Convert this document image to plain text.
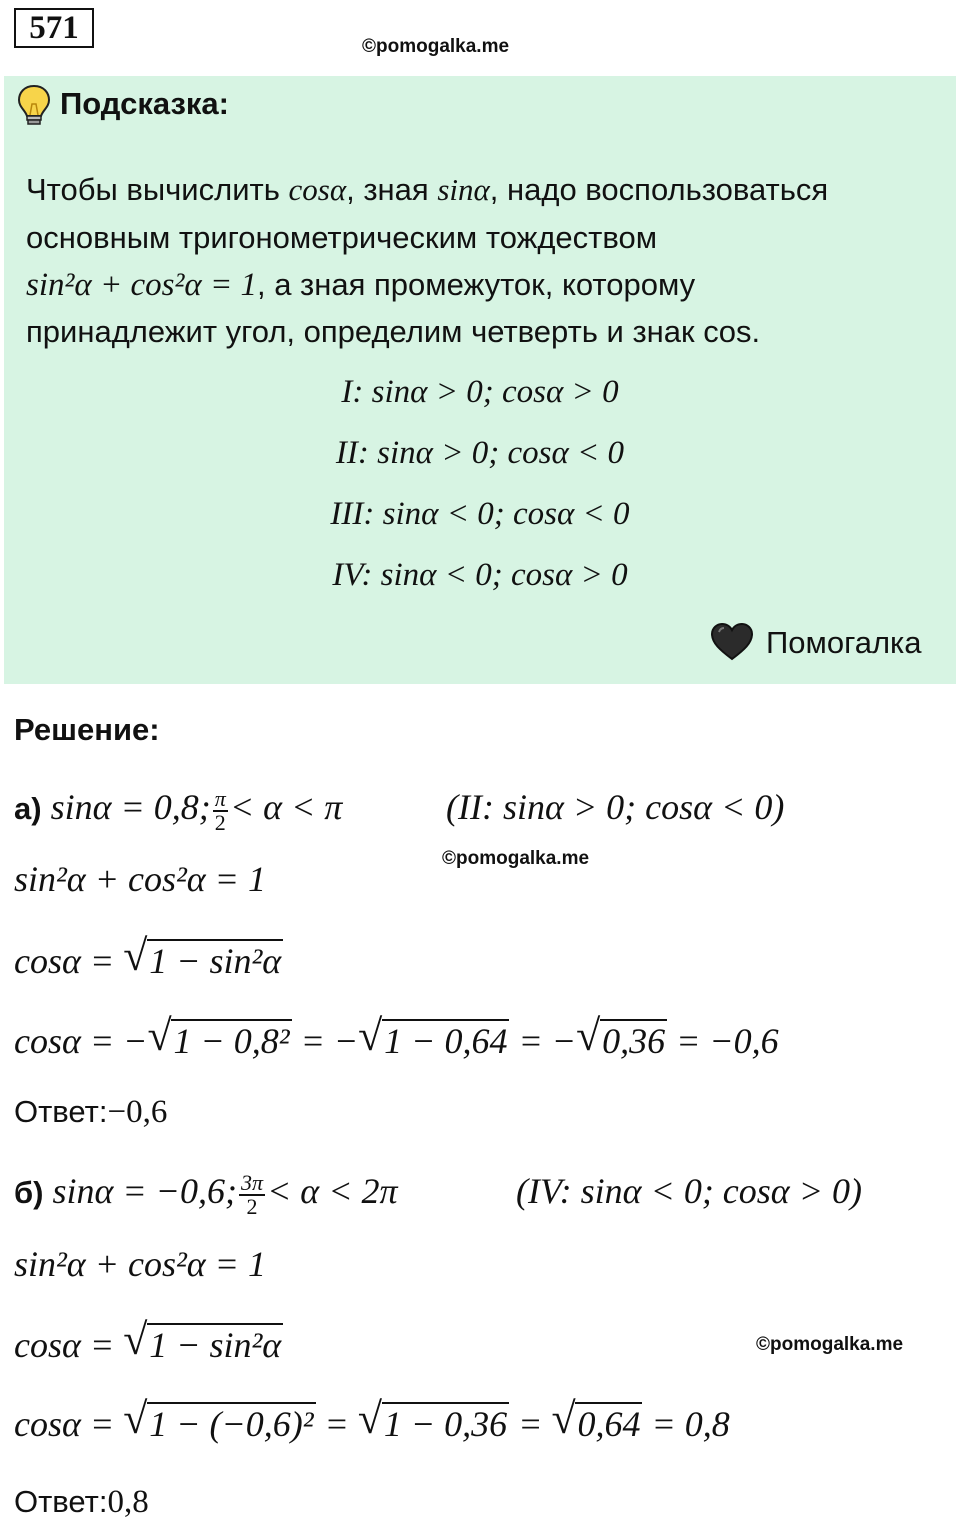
571
©pomogalka.me
Подсказка:
Чтобы вычислить cosα, зная sinα, надо воспользоваться
основным тригонометрическим тождеством
sin²α + cos²α = 1, а зная промежуток, которому
принадлежит угол, определим четверть и знак cos.
I: sinα > 0; cosα > 0
II: sinα > 0; cosα < 0
III: sinα < 0; cosα < 0
IV: sinα < 0; cosα > 0
Помогалка
Решение:
а) sinα = 0,8; $\frac{\pi}{2} < \alpha < \pi$	(II: sinα > 0; cosα < 0)
©pomogalka.me
sin²α + cos²α = 1
cosα = √ 1 − sin²α
cosα = − √ 1 − 0,8² = − √ 1 − 0,64 = − √ 0,36 = −0,6
Ответ:−0,6
б) sinα = −0,6; $\frac{3\pi}{2} < \alpha < 2\pi$	(IV: sinα < 0; cosα > 0)
sin²α + cos²α = 1
cosα = √ 1 − sin²α	©pomogalka.me
cosα = √ 1 − (−0,6)² = √ 1 − 0,36 = √ 0,64 = 0,8
Ответ:0,8
